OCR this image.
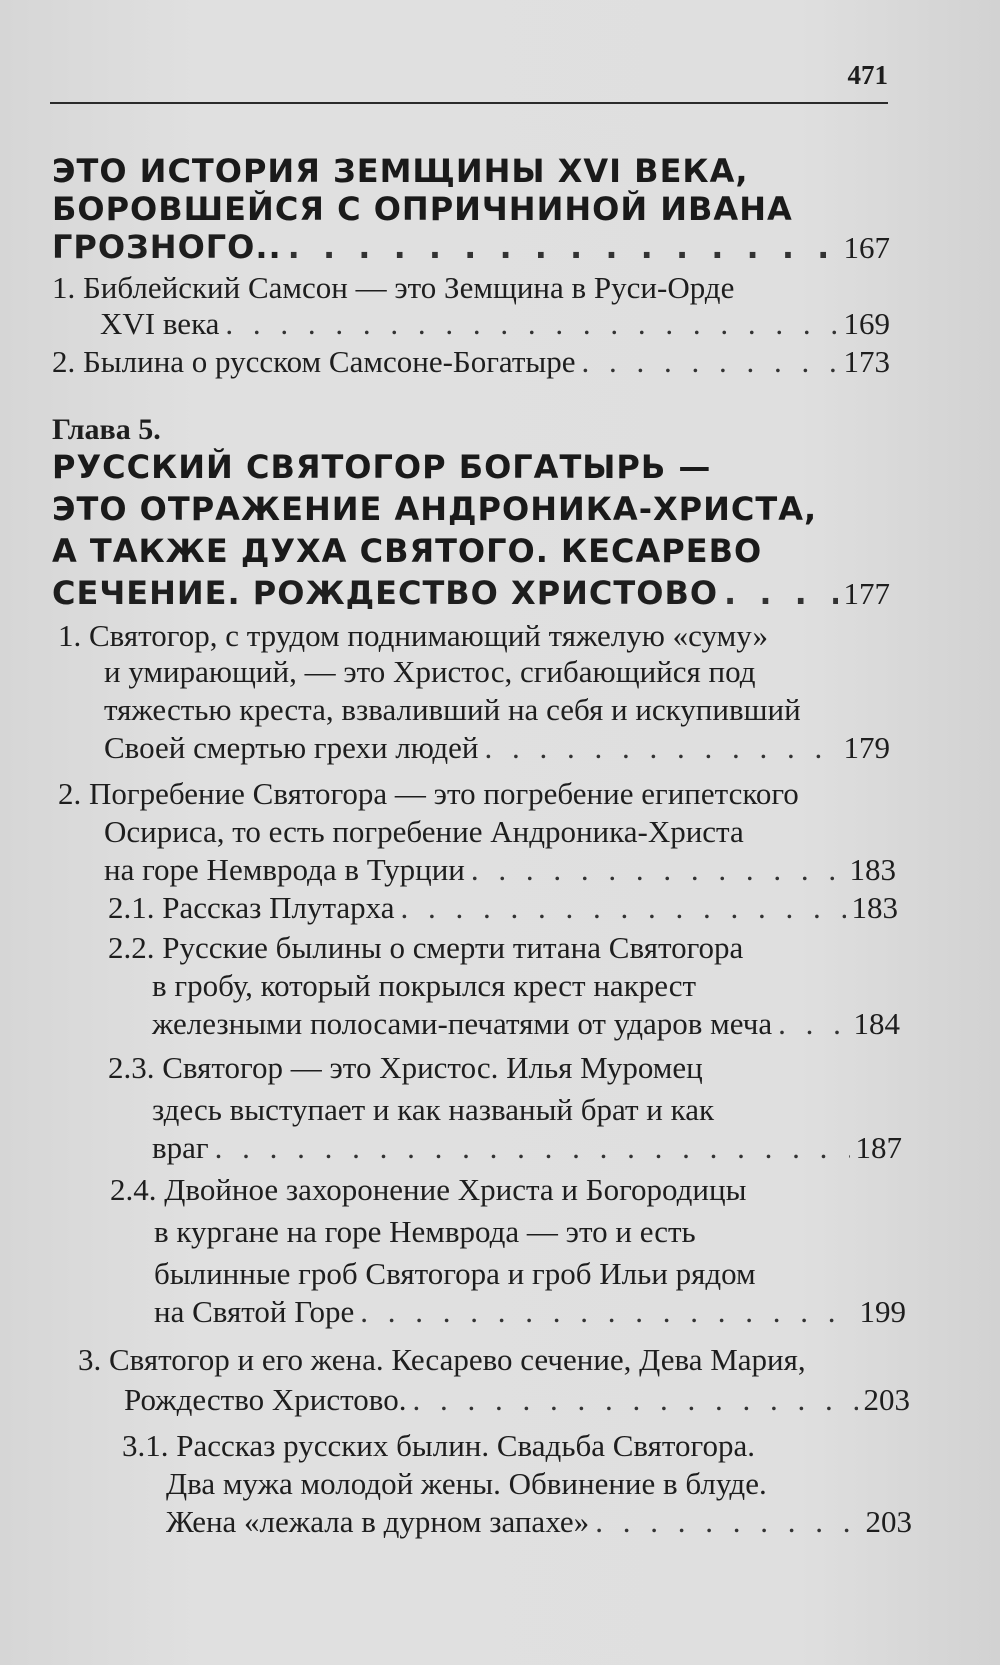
471
ЭТО ИСТОРИЯ ЗЕМЩИНЫ XVI ВЕКА,
БОРОВШЕЙСЯ С ОПРИЧНИНОЙ ИВАНА
ГРОЗНОГО.. . . .	167
1. Библейский Самсон — это Земщина в Руси-Орде
XVI века . . .	169
2. Былина о русском Самсоне-Богатыре . . .	173
Глава 5.
РУССКИЙ СВЯТОГОР БОГАТЫРЬ —
ЭТО ОТРАЖЕНИЕ АНДРОНИКА-ХРИСТА,
А ТАКЖЕ ДУХА СВЯТОГО. КЕСАРЕВО
СЕЧЕНИЕ. РОЖДЕСТВО ХРИСТОВО . . .	177
1. Святогор, с трудом поднимающий тяжелую «суму»
и умирающий, — это Христос, сгибающийся под
тяжестью креста, взваливший на себя и искупивший
Своей смертью грехи людей . . .	179
2. Погребение Святогора — это погребение египетского
Осириса, то есть погребение Андроника-Христа
на горе Немврода в Турции . . .	183
2.1. Рассказ Плутарха . . .	183
2.2. Русские былины о смерти титана Святогора
в гробу, который покрылся крест накрест
железными полосами-печатями от ударов меча . . .	184
2.3. Святогор — это Христос. Илья Муромец
здесь выступает и как названый брат и как
враг . . .	187
2.4. Двойное захоронение Христа и Богородицы
в кургане на горе Немврода — это и есть
былинные гроб Святогора и гроб Ильи рядом
на Святой Горе . . .	199
3. Святогор и его жена. Кесарево сечение, Дева Мария,
Рождество Христово. . . .	203
3.1. Рассказ русских былин. Свадьба Святогора.
Два мужа молодой жены. Обвинение в блуде.
Жена «лежала в дурном запахе» . . .	203
